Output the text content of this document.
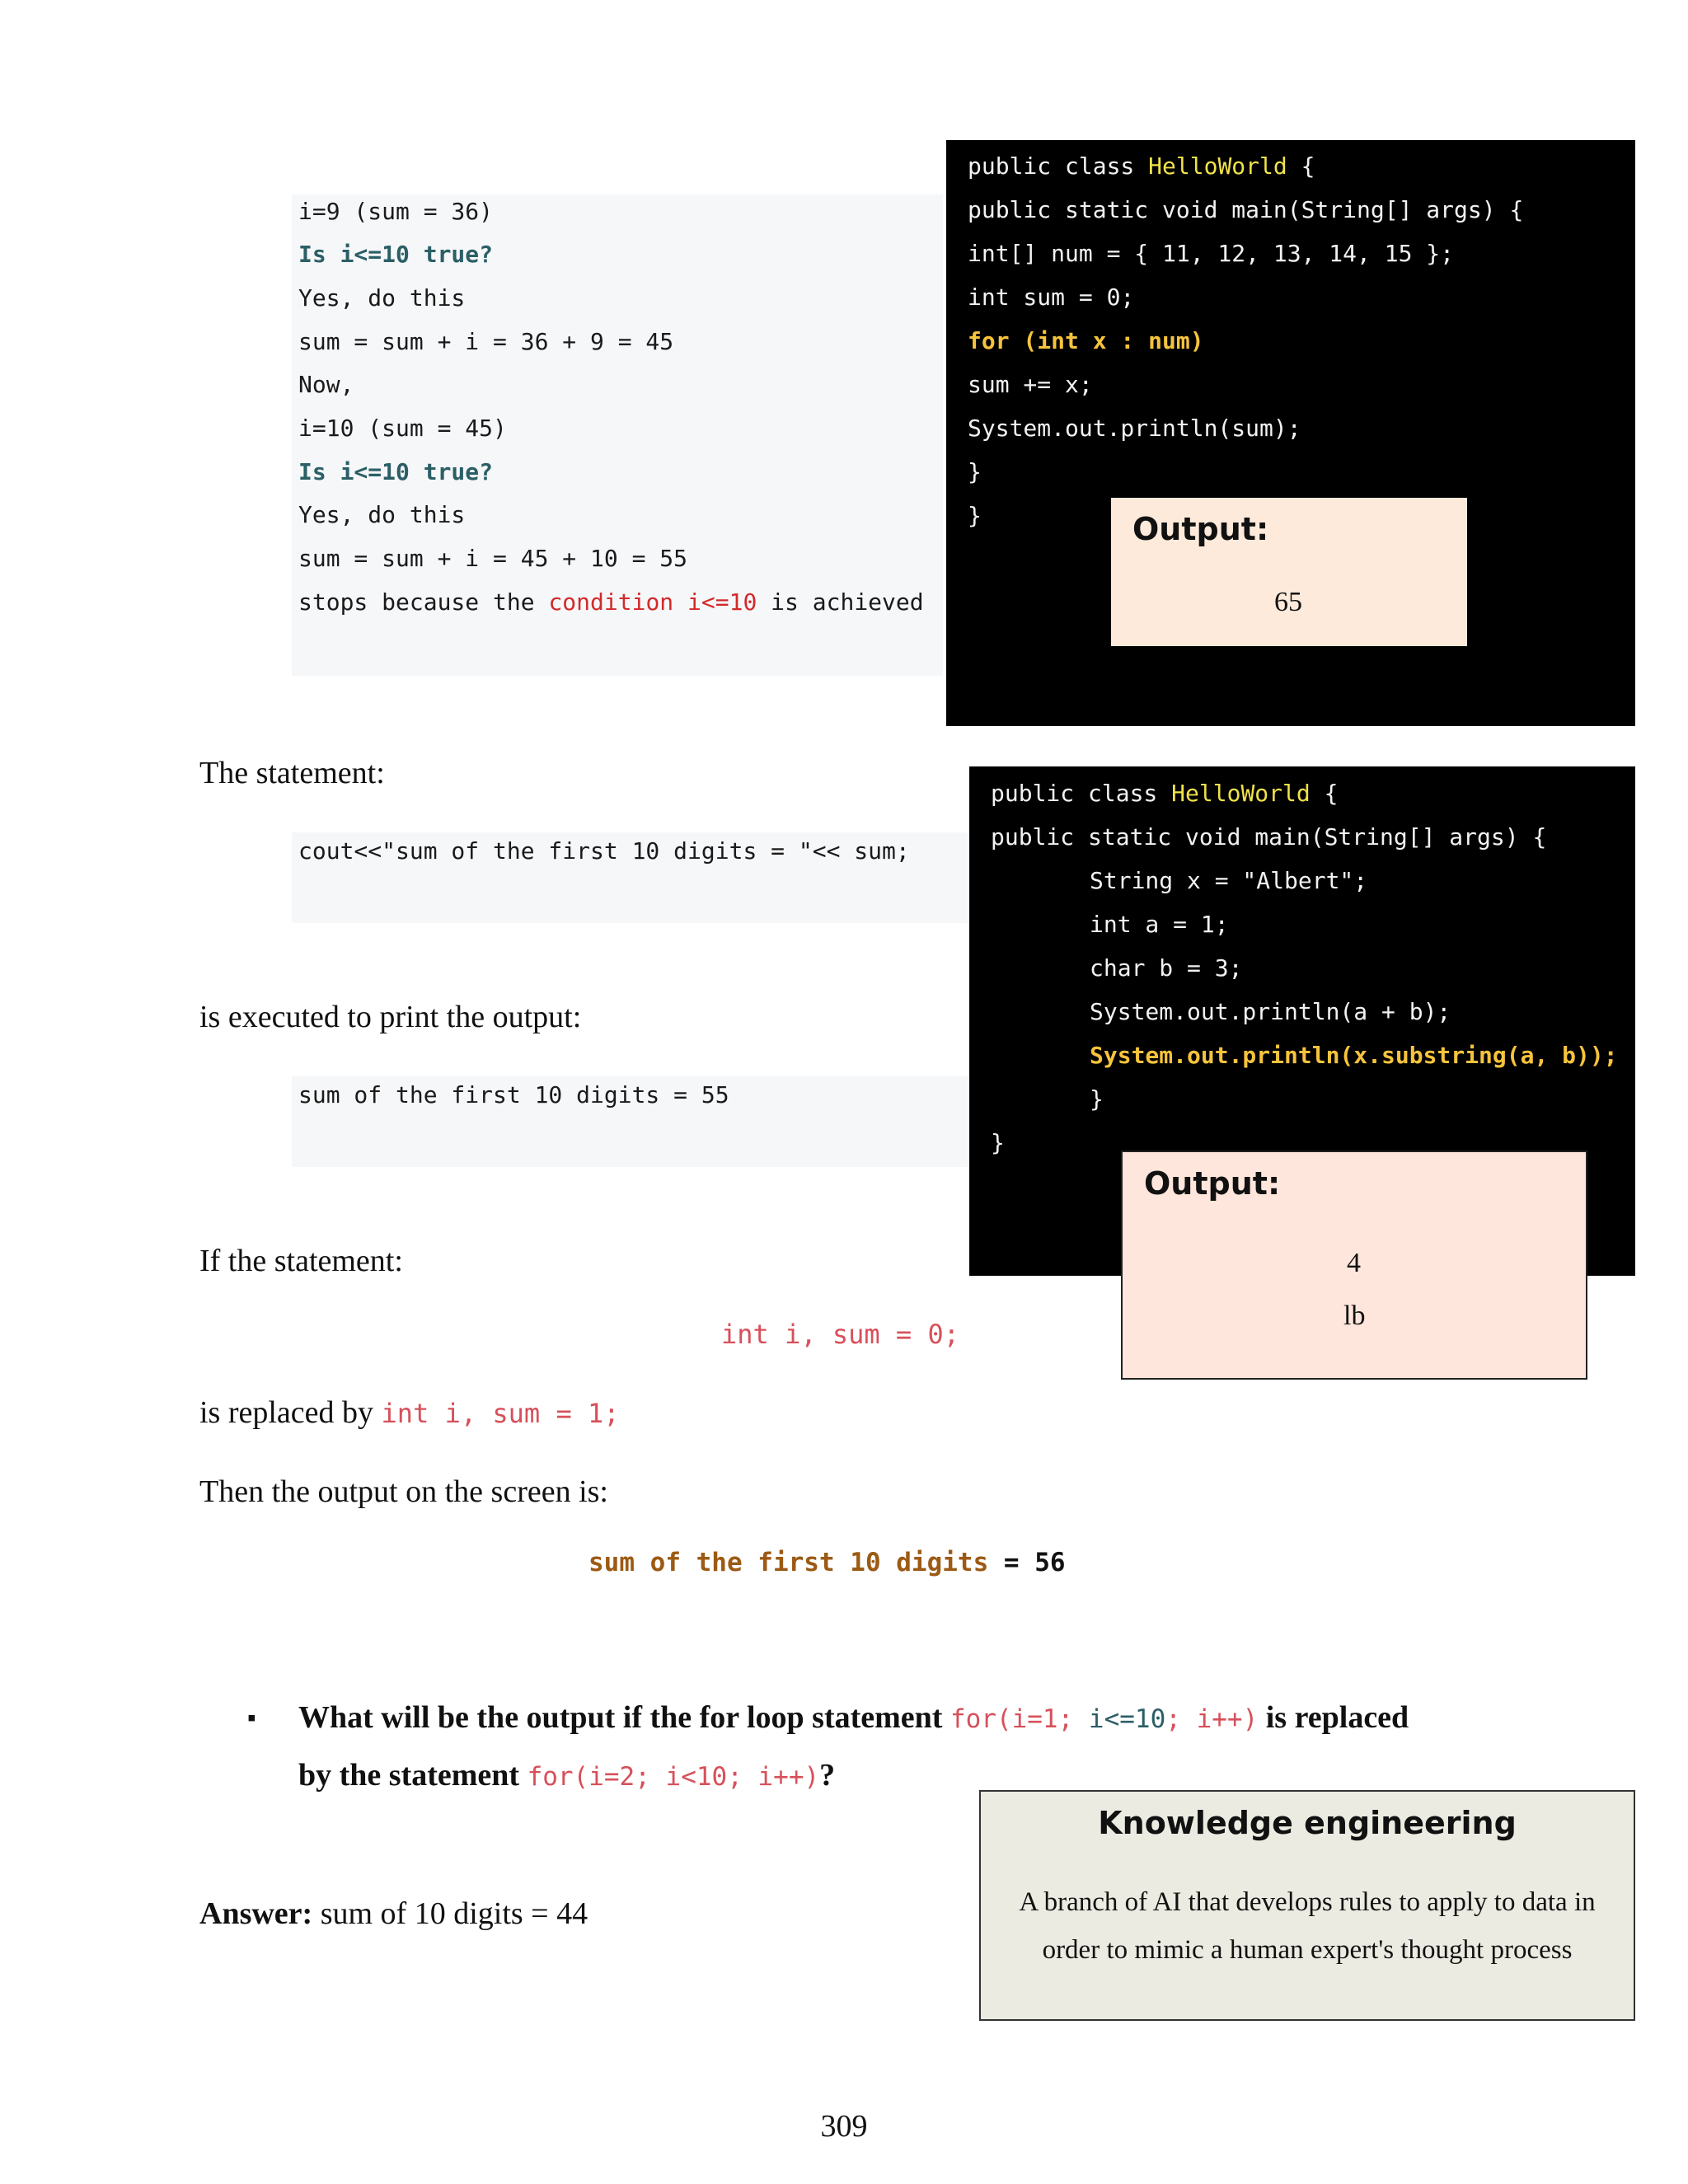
i=9 (sum = 36)
Is i<=10 true?
Yes, do this
sum = sum + i = 36 + 9 = 45
Now,
i=10 (sum = 45)
Is i<=10 true?
Yes, do this
sum = sum + i = 45 + 10 = 55
stops because the condition i<=10 is achieved
public class HelloWorld {
public static void main(String[] args) {
int[] num = { 11, 12, 13, 14, 15 };
int sum = 0;
for (int x : num)
sum += x;
System.out.println(sum);
}
}	Output:
65
The statement:
cout<<"sum of the first 10 digits = "<< sum;
is executed to print the output:
sum of the first 10 digits = 55
public class HelloWorld {
public static void main(String[] args) {
String x = "Albert";
int a = 1;
char b = 3;
System.out.println(a + b);
System.out.println(x.substring(a, b));
}
}
Output:
4
lb
If the statement:
int i, sum = 0;
is replaced by int i, sum = 1;
Then the output on the screen is:
sum of the first 10 digits = 56
▪ What will be the output if the for loop statement for(i=1; i<=10; i++) is replaced
by the statement for(i=2; i<10; i++)?
Answer: sum of 10 digits = 44
Knowledge engineering
A branch of AI that develops rules to apply to data in
order to mimic a human expert's thought process
309
